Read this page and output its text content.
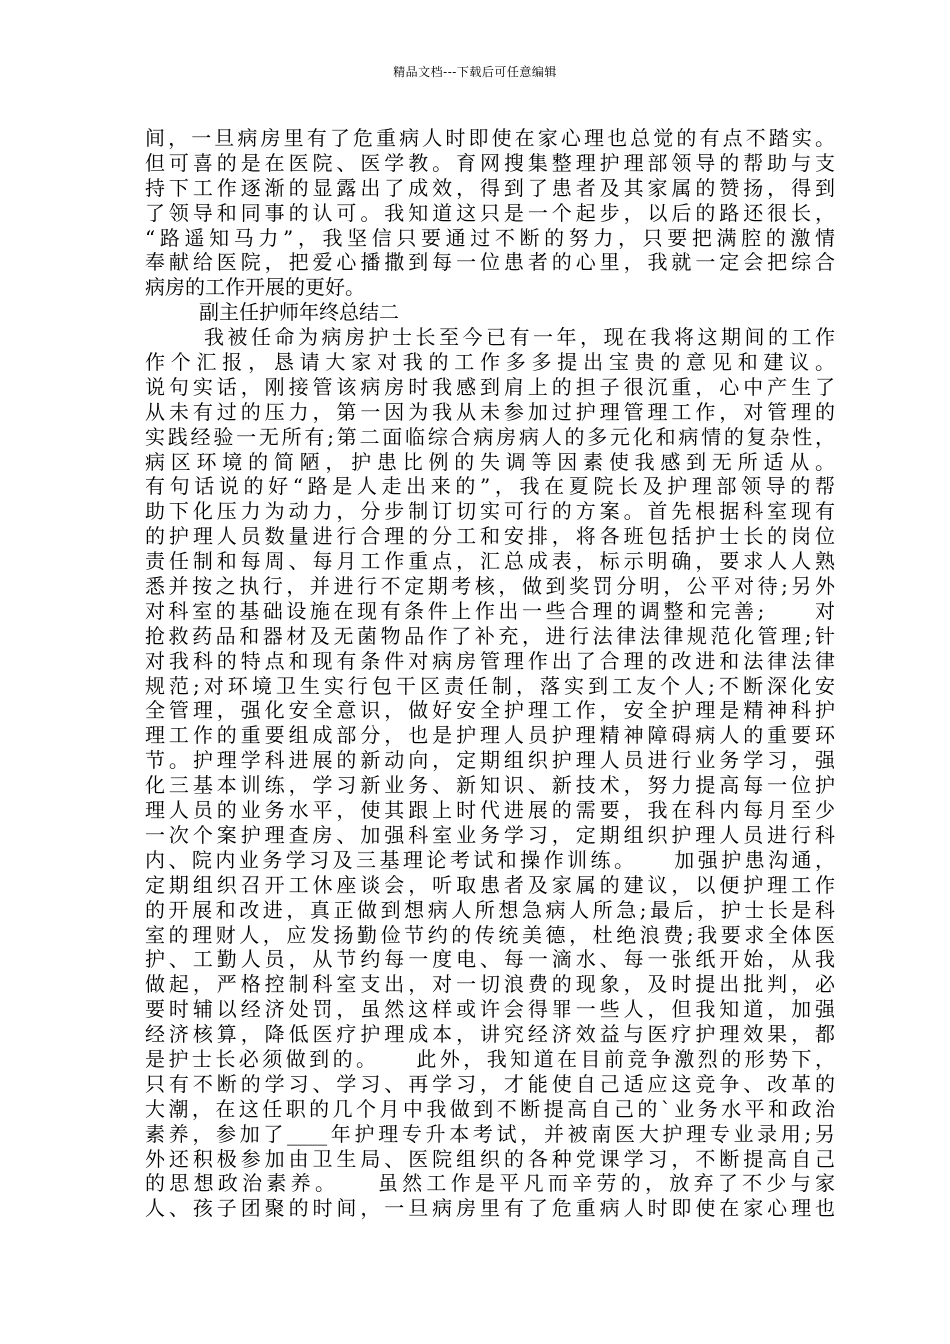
精品文档---下载后可任意编辑
间，一旦病房里有了危重病人时即使在家心理也总觉的有点不踏实。
但可喜的是在医院、医学教。育网搜集整理护理部领导的帮助与支
持下工作逐渐的显露出了成效，得到了患者及其家属的赞扬，得到
了领导和同事的认可。我知道这只是一个起步，以后的路还很长，
“路遥知马力”，我坚信只要通过不断的努力，只要把满腔的激情
奉献给医院，把爱心播撒到每一位患者的心里，我就一定会把综合
病房的工作开展的更好。
副主任护师年终总结二
我被任命为病房护士长至今已有一年，现在我将这期间的工作
作个汇报，恳请大家对我的工作多多提出宝贵的意见和建议。
说句实话，刚接管该病房时我感到肩上的担子很沉重，心中产生了
从未有过的压力，第一因为我从未参加过护理管理工作，对管理的
实践经验一无所有;第二面临综合病房病人的多元化和病情的复杂性，
病区环境的简陋，护患比例的失调等因素使我感到无所适从。
有句话说的好“路是人走出来的”，我在夏院长及护理部领导的帮
助下化压力为动力，分步制订切实可行的方案。首先根据科室现有
的护理人员数量进行合理的分工和安排，将各班包括护士长的岗位
责任制和每周、每月工作重点，汇总成表，标示明确，要求人人熟
悉并按之执行，并进行不定期考核，做到奖罚分明，公平对待;另外
对科室的基础设施在现有条件上作出一些合理的调整和完善;　　对
抢救药品和器材及无菌物品作了补充，进行法律法律规范化管理;针
对我科的特点和现有条件对病房管理作出了合理的改进和法律法律
规范;对环境卫生实行包干区责任制，落实到工友个人;不断深化安
全管理，强化安全意识，做好安全护理工作，安全护理是精神科护
理工作的重要组成部分，也是护理人员护理精神障碍病人的重要环
节。护理学科进展的新动向，定期组织护理人员进行业务学习，强
化三基本训练，学习新业务、新知识、新技术，努力提高每一位护
理人员的业务水平，使其跟上时代进展的需要，我在科内每月至少
一次个案护理查房、加强科室业务学习，定期组织护理人员进行科
内、院内业务学习及三基理论考试和操作训练。　　加强护患沟通，
定期组织召开工休座谈会，听取患者及家属的建议，以便护理工作
的开展和改进，真正做到想病人所想急病人所急;最后，护士长是科
室的理财人，应发扬勤俭节约的传统美德，杜绝浪费;我要求全体医
护、工勤人员，从节约每一度电、每一滴水、每一张纸开始，从我
做起，严格控制科室支出，对一切浪费的现象，及时提出批判，必
要时辅以经济处罚，虽然这样或许会得罪一些人，但我知道，加强
经济核算，降低医疗护理成本，讲究经济效益与医疗护理效果，都
是护士长必须做到的。　　此外，我知道在目前竞争激烈的形势下，
只有不断的学习、学习、再学习，才能使自己适应这竞争、改革的
大潮，在这任职的几个月中我做到不断提高自己的`业务水平和政治
素养，参加了____年护理专升本考试，并被南医大护理专业录用;另
外还积极参加由卫生局、医院组织的各种党课学习，不断提高自己
的思想政治素养。　　虽然工作是平凡而辛劳的，放弃了不少与家
人、孩子团聚的时间，一旦病房里有了危重病人时即使在家心理也
